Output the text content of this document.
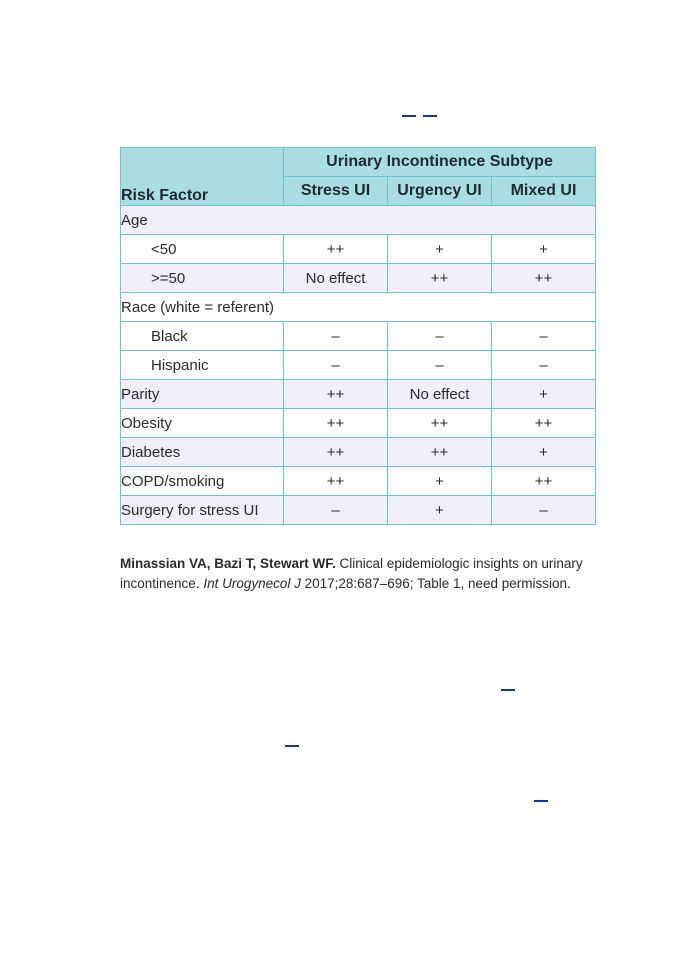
Risk Factor	Urinary Incontinence Subtype		
	Stress UI	Urgency UI	Mixed UI
Age			
<50	++	+	+
>=50	No effect	++	++
Race (white = referent)			
Black	–	–	–
Hispanic	–	–	–
Parity	++	No effect	+
Obesity	++	++	++
Diabetes	++	++	+
COPD/smoking	++	+	++
Surgery for stress UI	–	+	–
Minassian VA, Bazi T, Stewart WF. Clinical epidemiologic insights on urinary incontinence. Int Urogynecol J 2017;28:687–696; Table 1, need permission.
